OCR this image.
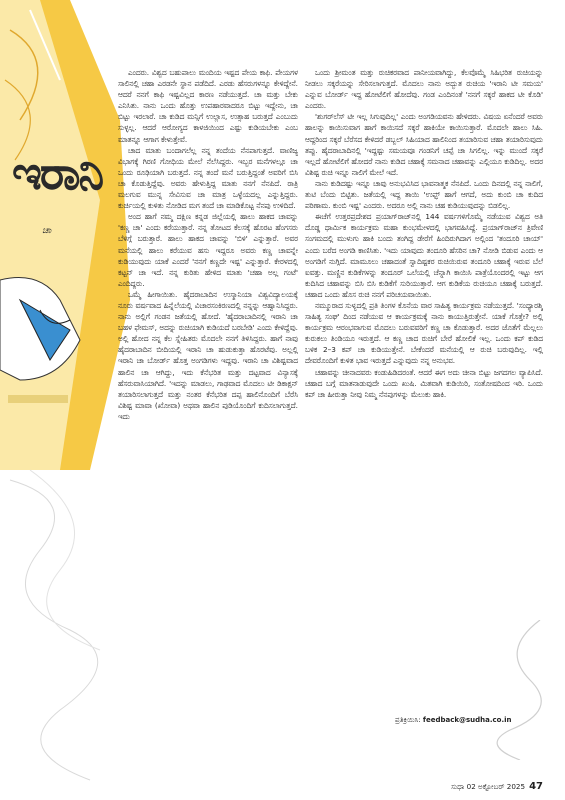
ಇರಾನಿ
ಚಾ

ಎಂದರು. ವಿಶ್ವದ ಬಹುಪಾಲು ಮಂದಿಯ ಇಷ್ಟದ ಪೇಯ ಕಾಫಿ. ಪೇಯಗಳ ಸಾಲಿನಲ್ಲಿ ಚಹಾ ಎರಡನೇ ಸ್ಥಾನ ಪಡೆದಿದೆ. ಎರಡು ಹೆಸರುಗಳನ್ನೂ ಕೇಳಿದ್ದೇನೆ. ಆದರೆ ನನಗೆ ಕಾಫಿ ಇಷ್ಟವಿಲ್ಲದ ಕಾರಣ ನಡೆಯುತ್ತದೆ. ಚಾ ಮತ್ತು ಬೇಕು ಎನಿಸಿತು. ನಾನು ಒಂದು ಹೊತ್ತು ಉಪಹಾರವಾದರೂ ಬಿಟ್ಟು ಇದ್ದೇನು, ಚಾ ಬಿಟ್ಟು ಇರಲಾರೆ. ಚಾ ಕುಡಿದ ಮನ್ಸಿಗೆ ಉಲ್ಲಾಸ, ಉತ್ಸಾಹ ಬರುತ್ತದೆ ಎಂಬುದು ಸುಳ್ಳಲ್ಲ. ಆದರೆ ಆರೋಗ್ಯದ ಕಾಳಜಿಯಿಂದ ಎಷ್ಟು ಕುಡಿಯಬೇಕು ಎಂಬ ಮಾತನ್ನೂ ಆಗಾಗ ಕೇಳುತ್ತೇವೆ.

ಚಾದ ಮಾತು ಬಂದಾಗಲೆಲ್ಲ ನನ್ನ ತಂದೆಯ ನೆನಪಾಗುತ್ತದೆ. ವಾಣಿಜ್ಯ ವಿಭಾಗಕ್ಕೆ ಗಿರಣಿ ಗೋಧಿಯ ಮೇಲೆ ನೆಲೆಸಿದ್ದರು. ಇಬ್ಬರ ಮನೆಗಳಲ್ಲೂ ಚಾ ಒಂದು ರೂಢಿಯಾಗಿ ಬರುತ್ತದೆ. ನನ್ನ ತಂದೆ ಮನೆ ಬರುತ್ತಿದ್ದಂತೆ ಅವರಿಗೆ ಬಿಸಿ ಚಾ ಕೊಡುತ್ತಿದ್ದೆವು. ಅವರು ಹೇಳುತ್ತಿದ್ದ ಮಾತು ನನಗೆ ನೆನಪಿದೆ. ರಾತ್ರಿ ಮಲಗುವ ಮುನ್ನ ಸೇವಿಸುವ ಚಾ ಮಾತ್ರ ಒಳ್ಳೆಯದಲ್ಲ ಎನ್ನುತ್ತಿದ್ದರು. ಕುರ್ಚಿಯಲ್ಲಿ ಕುಳಿತು ನೋಡಿದ ಮಗ ತಂದೆ ಚಾ ಮಾಡಿಕೊಟ್ಟ ನೆನಪು ಉಳಿದಿದೆ.

ಅಂದ ಹಾಗೆ ನಮ್ಮ ದಕ್ಷಿಣ ಕನ್ನಡ ಜಿಲ್ಲೆಯಲ್ಲಿ ಹಾಲು ಹಾಕದ ಚಾವನ್ನು 'ಕಣ್ಣ ಚಾ' ಎಂದು ಕರೆಯುತ್ತಾರೆ. ನನ್ನ ತೋಟದ ಕೆಲಸಕ್ಕೆ ಹೊರಟ ಹೆಂಗಸರು ಬೆಳಿಗ್ಗೆ ಬರುತ್ತಾರೆ. ಹಾಲು ಹಾಕದ ಚಾವನ್ನು 'ಬಿಳಿ' ಎನ್ನುತ್ತಾರೆ. ಅವರ ಮನೆಯಲ್ಲಿ ಹಾಲು ಕರೆಯುವ ಹಸು ಇದ್ದರೂ ಅವರು ಕಣ್ಣ ಚಾವನ್ನೇ ಕುಡಿಯುವುದು ಯಾಕೆ ಎಂದರೆ 'ನನಗೆ ಕಣ್ಣದೇ ಇಷ್ಟ' ಎನ್ನುತ್ತಾರೆ. ಕೇರಳದಲ್ಲಿ ಕಟ್ಟನ್ ಚಾ ಇದೆ. ನನ್ನ ಕುರಿತು ಹೇಳಿದ ಮಾತು 'ಚಹಾ ಅಲ್ಲ ಗಂಟೆ' ಎಂದಿದ್ದರು.

ಒಮ್ಮೆ ಹೀಗಾಯಿತು. ಹೈದರಾಬಾದಿನ ಉಸ್ಮಾನಿಯಾ ವಿಶ್ವವಿದ್ಯಾಲಯಕ್ಕೆ ನೂರು ವರ್ಷವಾದ ಹಿನ್ನೆಲೆಯಲ್ಲಿ ವಿಚಾರಸಂಕಿರಣದಲ್ಲಿ ನನ್ನನ್ನು ಆಹ್ವಾನಿಸಿದ್ದರು. ನಾನು ಅಲ್ಲಿಗೆ ಗಂಡನ ಜತೆಯಲ್ಲಿ ಹೋದೆ. 'ಹೈದರಾಬಾದಿನಲ್ಲಿ ಇರಾನಿ ಚಾ ಬಹಳ ಫೇಮಸ್, ಅದನ್ನು ರುಚಿಯಾಗಿ ಕುಡಿಯದೆ ಬರಬೇಡಿ' ಎಂದು ಕೇಳಿದ್ದೆವು. ಅಲ್ಲಿ ಹೋದ ನನ್ನ ಕೆಲ ಸ್ನೇಹಿತರು ಮೊದಲೇ ನನಗೆ ತಿಳಿಸಿದ್ದರು. ಹಾಗೆ ನಾವು ಹೈದರಾಬಾದಿನ ಬೀದಿಯಲ್ಲಿ ಇರಾನಿ ಚಾ ಹುಡುಕುತ್ತಾ ಹೊರಟೆವು. ಅಲ್ಲಲ್ಲಿ ಇರಾನಿ ಚಾ ಬೋರ್ಡ್ ಹೊತ್ತ ಅಂಗಡಿಗಳು ಇದ್ದವು. ಇರಾನಿ ಚಾ ವಿಶಿಷ್ಟವಾದ ಹಾಲಿನ ಚಾ ಆಗಿದ್ದು, ಇದು ಕೆನೆಭರಿತ ಮತ್ತು ದಟ್ಟವಾದ ವಿನ್ಯಾಸಕ್ಕೆ ಹೆಸರುವಾಸಿಯಾಗಿದೆ. 'ಇದನ್ನು ಮಾಡಲು, ಗಾಢವಾದ ಮೊದಲು ಟೀ ಡಿಕಾಕ್ಷನ್ ತಯಾರಿಸಲಾಗುತ್ತದೆ ಮತ್ತು ನಂತರ ಕೆನೆಭರಿತ ದಪ್ಪ ಹಾಲಿನೊಂದಿಗೆ ಬೆರೆಸಿ ವಿಶಿಷ್ಟ ಮಾವಾ (ಖೋವಾ) ಅಥವಾ ಹಾಲಿನ ಪುಡಿಯೊಂದಿಗೆ ಕುದಿಸಲಾಗುತ್ತದೆ. ಇದು

ಒಂದು ಶ್ರೀಮಂತ ಮತ್ತು ರುಚಿಕರವಾದ ಪಾನೀಯವಾಗಿದ್ದು, ಕೆಲವೊಮ್ಮೆ ಸಿಹಿಭರಿತ ರುಚಿಯನ್ನು ನೀಡಲು ಸಕ್ಕರೆಯನ್ನು ಸೇರಿಸಲಾಗುತ್ತದೆ. ಮೊದಲು ನಾನು ಅದ್ಭುತ ರುಚಿಯ 'ಇರಾನಿ ಟೀ ಸಮಯ' ಎನ್ನುವ ಬೋರ್ಡ್ ಇದ್ದ ಹೋಟೆಲಿಗೆ ಹೋದೆವು. ಗಂಡ ಎಂದಿನಂತೆ 'ನನಗೆ ಸಕ್ಕರೆ ಹಾಕದ ಟೀ ಕೊಡಿ' ಎಂದರು.

'ಶುಗರ್‌ಲೆಸ್ ಟೀ ಇಲ್ಲ ಸಿಗುವುದಿಲ್ಲ' ಎಂದು ಅಂಗಡಿಯವನು ಹೇಳಿದರು. ವಿಷಯ ಏನೆಂದರೆ ಅವರು ಹಾಲನ್ನು ಕಾಯಿಸುವಾಗ ಹಾಗೆ ಕಾಯಿಸದೆ ಸಕ್ಕರೆ ಹಾಕಿಯೇ ಕಾಯಿಸುತ್ತಾರೆ. ಮೊದಲೇ ಹಾಲು ಸಿಹಿ. ಆದ್ದರಿಂದ ಸಕ್ಕರೆ ಬೆರೆಸದ ಕೇಳಿದರೆ ಡಬ್ಬಲ್ ಸಿಹಿಯಾದ ಹಾಲಿನಿಂದ ತಯಾರಿಸುವ ಚಹಾ ತಯಾರಿಸುವುದು ತಪ್ಪು. ಹೈದರಾಬಾದಿನಲ್ಲಿ 'ಇದ್ದಷ್ಟು ಸಮಯವೂ ಗಂಡನಿಗೆ ಚಪ್ಪೆ ಚಾ ಸಿಗಲಿಲ್ಲ. ಇನ್ನು ಮುಂದೆ ಸಕ್ಕರೆ ಇಲ್ಲದೆ ಹೋಟೆಲಿಗೆ ಹೋದರೆ ನಾನು ಕುಡಿದ ಚಹಾಕ್ಕೆ ಸಮನಾದ ಚಹಾವನ್ನು ಎಲ್ಲಿಯೂ ಕುಡಿದಿಲ್ಲ. ಅದರ ವಿಶಿಷ್ಟ ರುಚಿ ಇನ್ನೂ ನಾಲಿಗೆ ಮೇಲೆ ಇದೆ.

ನಾನು ಕುಡಿದಷ್ಟು ಇನ್ನೂ ಚಾವು ಅನುಭವಿಸಿದ ಭಾವನಾತ್ಮಕ ನೆನಪಿದೆ. ಒಂದು ದಿನದಲ್ಲಿ ನನ್ನ ನಾಲಿಗೆ, ತುಟಿ ಬೆಂದು ಬಿಟ್ಟಿತು. ಜತೆಯಲ್ಲಿ ಇದ್ದ ತಾಯಿ 'ಉಫ್ಫ್ ಹಾಗೆ ಆಗದೆ, ಅದು ಕುಂಬಿ ಚಾ ಕುದಿದ ಪರಿಣಾಮ. ಕುಂಬಿ ಇಷ್ಟ' ಎಂದರು. ಅದರೂ ಅಲ್ಲಿ ನಾನು ಚಹ ಕುಡಿಯುವುದನ್ನು ಬಿಡಲಿಲ್ಲ.

ಈಚೆಗೆ ಉತ್ತರಪ್ರದೇಶದ ಪ್ರಯಾಗ್‌ರಾಜ್‌ನಲ್ಲಿ 144 ವರ್ಷಗಳಿಗೊಮ್ಮೆ ನಡೆಯುವ ವಿಶ್ವದ ಅತಿ ದೊಡ್ಡ ಧಾರ್ಮಿಕ ಕಾರ್ಯಕ್ರಮ ಮಹಾ ಕುಂಭಮೇಳದಲ್ಲಿ ಭಾಗವಹಿಸಿದ್ದೆ. ಪ್ರಯಾಗ್‌ರಾಜ್‌ನ ತ್ರಿವೇಣಿ ಸಂಗಮದಲ್ಲಿ ಮುಳುಗು ಹಾಕಿ ಬಂದು ತಂಗಿದ್ದ ಡೇರೆಗೆ ಹಿಂದಿರುಗಿದಾಗ ಅಲ್ಲಿಂದ 'ತಂದೂರಿ ಚಾಯ್' ಎಂದು ಬರೆದ ಅಂಗಡಿ ಕಾಣಿಸಿತು. 'ಇದು ಯಾವುದು ತಂದೂರಿ ಹೆಸರಿನ ಚಾ? ನೋಡಿ ಬಿಡುವ ಎಂದು ಆ ಅಂಗಡಿಗೆ ನುಗ್ಗಿದೆ. ಮಾಮೂಲು ಚಹಾದಂತೆ ಸ್ವಾದಿಷ್ಟಕರ ರುಚಿಯಿರುವ ತಂದೂರಿ ಚಹಾಕ್ಕೆ ಇರುವ ಬೆಲೆ ಐವತ್ತು. ಮಣ್ಣಿನ ಕುಡಿಕೆಗಳನ್ನು ತಂದೂರ್ ಒಲೆಯಲ್ಲಿ ಚೆನ್ನಾಗಿ ಕಾಯಿಸಿ ಪಾತ್ರೆಯೊಂದರಲ್ಲಿ ಇಟ್ಟು ಆಗ ಕುದಿಸಿದ ಚಹಾವನ್ನು ಬಿಸಿ ಬಿಸಿ ಕುಡಿಕೆಗೆ ಸುರಿಯುತ್ತಾರೆ. ಆಗ ಕುಡಿಕೆಯ ರುಚಿಯೂ ಚಹಾಕ್ಕೆ ಬರುತ್ತದೆ. ಚಹಾದ ಒಂದು ಹೊಸ ರುಚಿ ನನಗೆ ಪರಿಚಯವಾಯಿತು.

ನಮ್ಮೂರಾದ ಸುಳ್ಯದಲ್ಲಿ ಪ್ರತಿ ತಿಂಗಳ ಕೊನೆಯ ವಾರ ಸಾಹಿತ್ಯ ಕಾರ್ಯಕ್ರಮ ನಡೆಯುತ್ತದೆ. 'ಸಂಧ್ಯಾರಶ್ಮಿ ಸಾಹಿತ್ಯ ಸಂಘ' ದಿಂದ ನಡೆಯುವ ಆ ಕಾರ್ಯಕ್ರಮಕ್ಕೆ ನಾನು ಕಾಯುತ್ತಿರುತ್ತೇನೆ. ಯಾಕೆ ಗೊತ್ತೇ? ಅಲ್ಲಿ ಕಾರ್ಯಕ್ರಮ ಆರಂಭವಾಗುವ ಮೊದಲು ಬರುವವರಿಗೆ ಕಣ್ಣ ಚಾ ಕೊಡುತ್ತಾರೆ. ಅದರ ಜೊತೆಗೆ ಮೆಲ್ಲಲು ಕುರುಕಲು ತಿಂಡಿಯೂ ಇರುತ್ತದೆ. ಆ ಕಣ್ಣ ಚಾದ ರುಚಿಗೆ ಬೇರೆ ಹೋಲಿಕೆ ಇಲ್ಲ. ಒಂದು ಕಪ್ ಕುಡಿದ ಬಳಿಕ 2–3 ಕಪ್ ಚಾ ಕುಡಿಯುತ್ತೇನೆ. ಬೇಕೆಂದರೆ ಮನೆಯಲ್ಲಿ ಆ ರುಚಿ ಬರುವುದಿಲ್ಲ. ಇಲ್ಲಿ ದೇವರೊಂದಿಗೆ ಕುಳಿತ ಭಾವ ಇರುತ್ತದೆ ಎನ್ನುವುದು ನನ್ನ ಅನುಭವ.

ಚಹಾವನ್ನು ಚೀನಾದವರು ಕಂಡುಹಿಡಿದರಂತೆ. ಆದರೆ ಈಗ ಅದು ಚೀನಾ ಬಿಟ್ಟು ಜಗದಗಲ ವ್ಯಾಪಿಸಿದೆ. ಚಹಾದ ಬಗ್ಗೆ ಮಾತನಾಡುವುದೇ ಒಂದು ಖುಷಿ. ಮಿತವಾಗಿ ಕುಡಿಯಿರಿ, ಸಂತೋಷದಿಂದ ಇರಿ. ಒಂದು ಕಪ್ ಚಾ ಹೀರುತ್ತಾ ನೀವು ನಿಮ್ಮ ನೆನಪುಗಳನ್ನು ಮೆಲುಕು ಹಾಕಿ.

ಪ್ರತಿಕ್ರಿಯಿಸಿ: feedback@sudha.co.in
ಸುಧಾ 02 ಅಕ್ಟೋಬರ್ 2025 47
